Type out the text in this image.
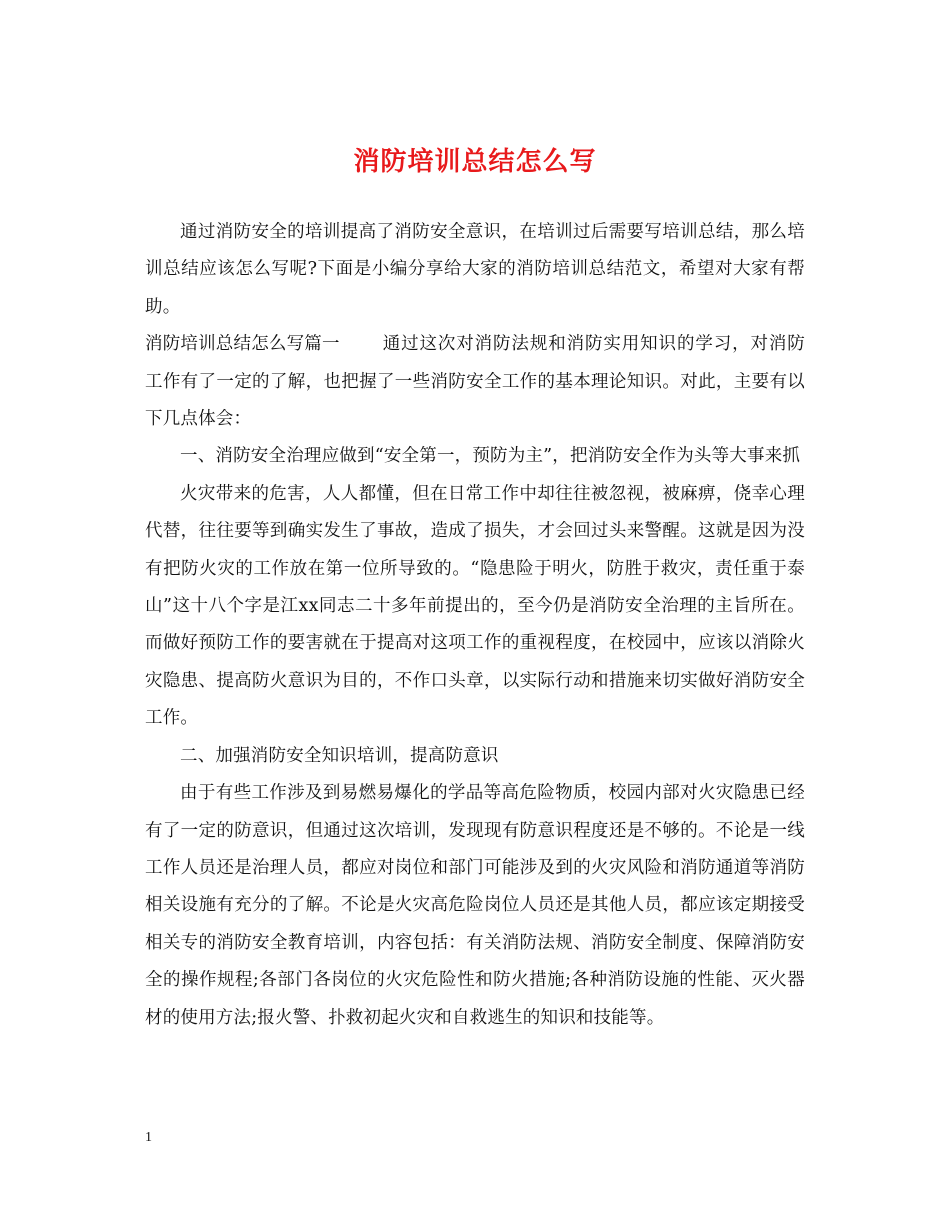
消防培训总结怎么写

通过消防安全的培训提高了消防安全意识，在培训过后需要写培训总结，那么培训总结应该怎么写呢?下面是小编分享给大家的消防培训总结范文，希望对大家有帮助。

消防培训总结怎么写篇一 通过这次对消防法规和消防实用知识的学习，对消防工作有了一定的了解，也把握了一些消防安全工作的基本理论知识。对此，主要有以下几点体会：

一、消防安全治理应做到“安全第一，预防为主”，把消防安全作为头等大事来抓

火灾带来的危害，人人都懂，但在日常工作中却往往被忽视，被麻痹，侥幸心理代替，往往要等到确实发生了事故，造成了损失，才会回过头来警醒。这就是因为没有把防火灾的工作放在第一位所导致的。“隐患险于明火，防胜于救灾，责任重于泰山”这十八个字是江xx同志二十多年前提出的，至今仍是消防安全治理的主旨所在。而做好预防工作的要害就在于提高对这项工作的重视程度，在校园中，应该以消除火灾隐患、提高防火意识为目的，不作口头章，以实际行动和措施来切实做好消防安全工作。

二、加强消防安全知识培训，提高防意识

由于有些工作涉及到易燃易爆化的学品等高危险物质，校园内部对火灾隐患已经有了一定的防意识，但通过这次培训，发现现有防意识程度还是不够的。不论是一线工作人员还是治理人员，都应对岗位和部门可能涉及到的火灾风险和消防通道等消防相关设施有充分的了解。不论是火灾高危险岗位人员还是其他人员，都应该定期接受相关专的消防安全教育培训，内容包括：有关消防法规、消防安全制度、保障消防安全的操作规程;各部门各岗位的火灾危险性和防火措施;各种消防设施的性能、灭火器材的使用方法;报火警、扑救初起火灾和自救逃生的知识和技能等。

1
